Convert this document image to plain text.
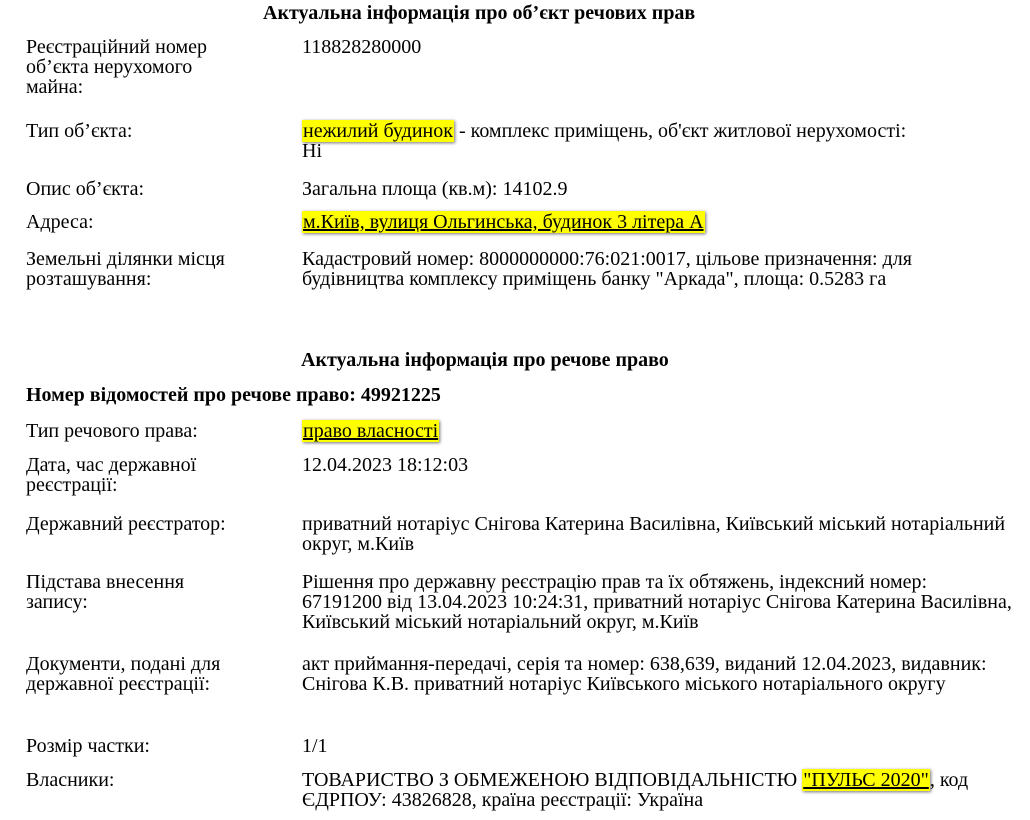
Актуальна інформація про об’єкт речових прав
Реєстраційний номер об’єкта нерухомого майна:
118828280000
Тип об’єкта:	нежилий будинок - комплекс приміщень, об'єкт житлової нерухомості: Ні
Опис об’єкта:	Загальна площа (кв.м): 14102.9
Адреса:	м.Київ, вулиця Ольгинська, будинок 3 літера А
Земельні ділянки місця розташування:
Кадастровий номер: 8000000000:76:021:0017, цільове призначення: для будівництва комплексу приміщень банку "Аркада", площа: 0.5283 га
Актуальна інформація про речове право
Номер відомостей про речове право: 49921225
Тип речового права:	право власності
Дата, час державної реєстрації:
12.04.2023 18:12:03
Державний реєстратор:	приватний нотаріус Снігова Катерина Василівна, Київський міський нотаріальний округ, м.Київ
Підстава внесення запису:
Рішення про державну реєстрацію прав та їх обтяжень, індексний номер: 67191200 від 13.04.2023 10:24:31, приватний нотаріус Снігова Катерина Василівна, Київський міський нотаріальний округ, м.Київ
Документи, подані для державної реєстрації:
акт приймання-передачі, серія та номер: 638,639, виданий 12.04.2023, видавник: Снігова К.В. приватний нотаріус Київського міського нотаріального округу
Розмір частки:	1/1
Власники:	ТОВАРИСТВО З ОБМЕЖЕНОЮ ВІДПОВІДАЛЬНІСТЮ "ПУЛЬС 2020", код ЄДРПОУ: 43826828, країна реєстрації: Україна
